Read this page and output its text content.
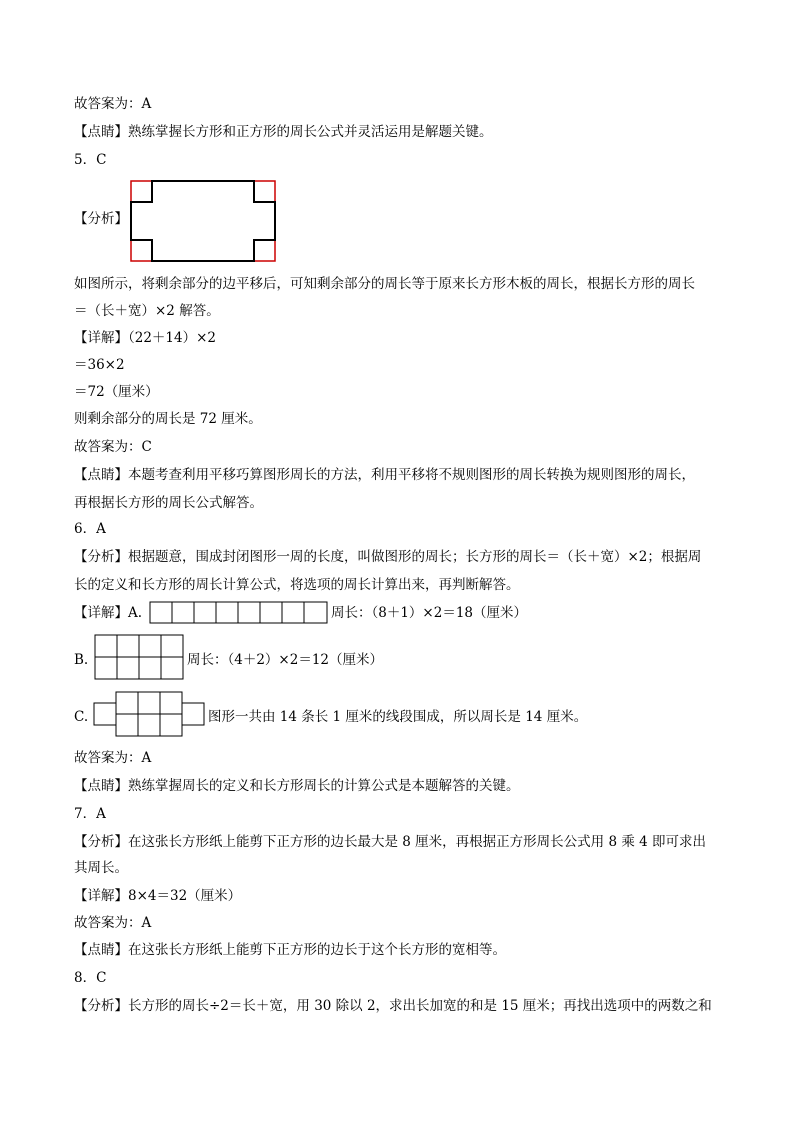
故答案为：A
【点睛】熟练掌握长方形和正方形的周长公式并灵活运用是解题关键。
5．C
【分析】
如图所示，将剩余部分的边平移后，可知剩余部分的周长等于原来长方形木板的周长，根据长方形的周长
＝（长＋宽）×2 解答。
【详解】（22＋14）×2
＝36×2
＝72（厘米）
则剩余部分的周长是 72 厘米。
故答案为：C
【点睛】本题考查利用平移巧算图形周长的方法，利用平移将不规则图形的周长转换为规则图形的周长，
再根据长方形的周长公式解答。
6．A
【分析】根据题意，围成封闭图形一周的长度，叫做图形的周长；长方形的周长＝（长＋宽）×2；根据周
长的定义和长方形的周长计算公式，将选项的周长计算出来，再判断解答。
【详解】A.	周长：（8＋1）×2＝18（厘米）
B.	周长：（4＋2）×2＝12（厘米）
C.	图形一共由 14 条长 1 厘米的线段围成，所以周长是 14 厘米。
故答案为：A
【点睛】熟练掌握周长的定义和长方形周长的计算公式是本题解答的关键。
7．A
【分析】在这张长方形纸上能剪下正方形的边长最大是 8 厘米，再根据正方形周长公式用 8 乘 4 即可求出
其周长。
【详解】8×4＝32（厘米）
故答案为：A
【点睛】在这张长方形纸上能剪下正方形的边长于这个长方形的宽相等。
8．C
【分析】长方形的周长÷2＝长＋宽，用 30 除以 2，求出长加宽的和是 15 厘米；再找出选项中的两数之和
